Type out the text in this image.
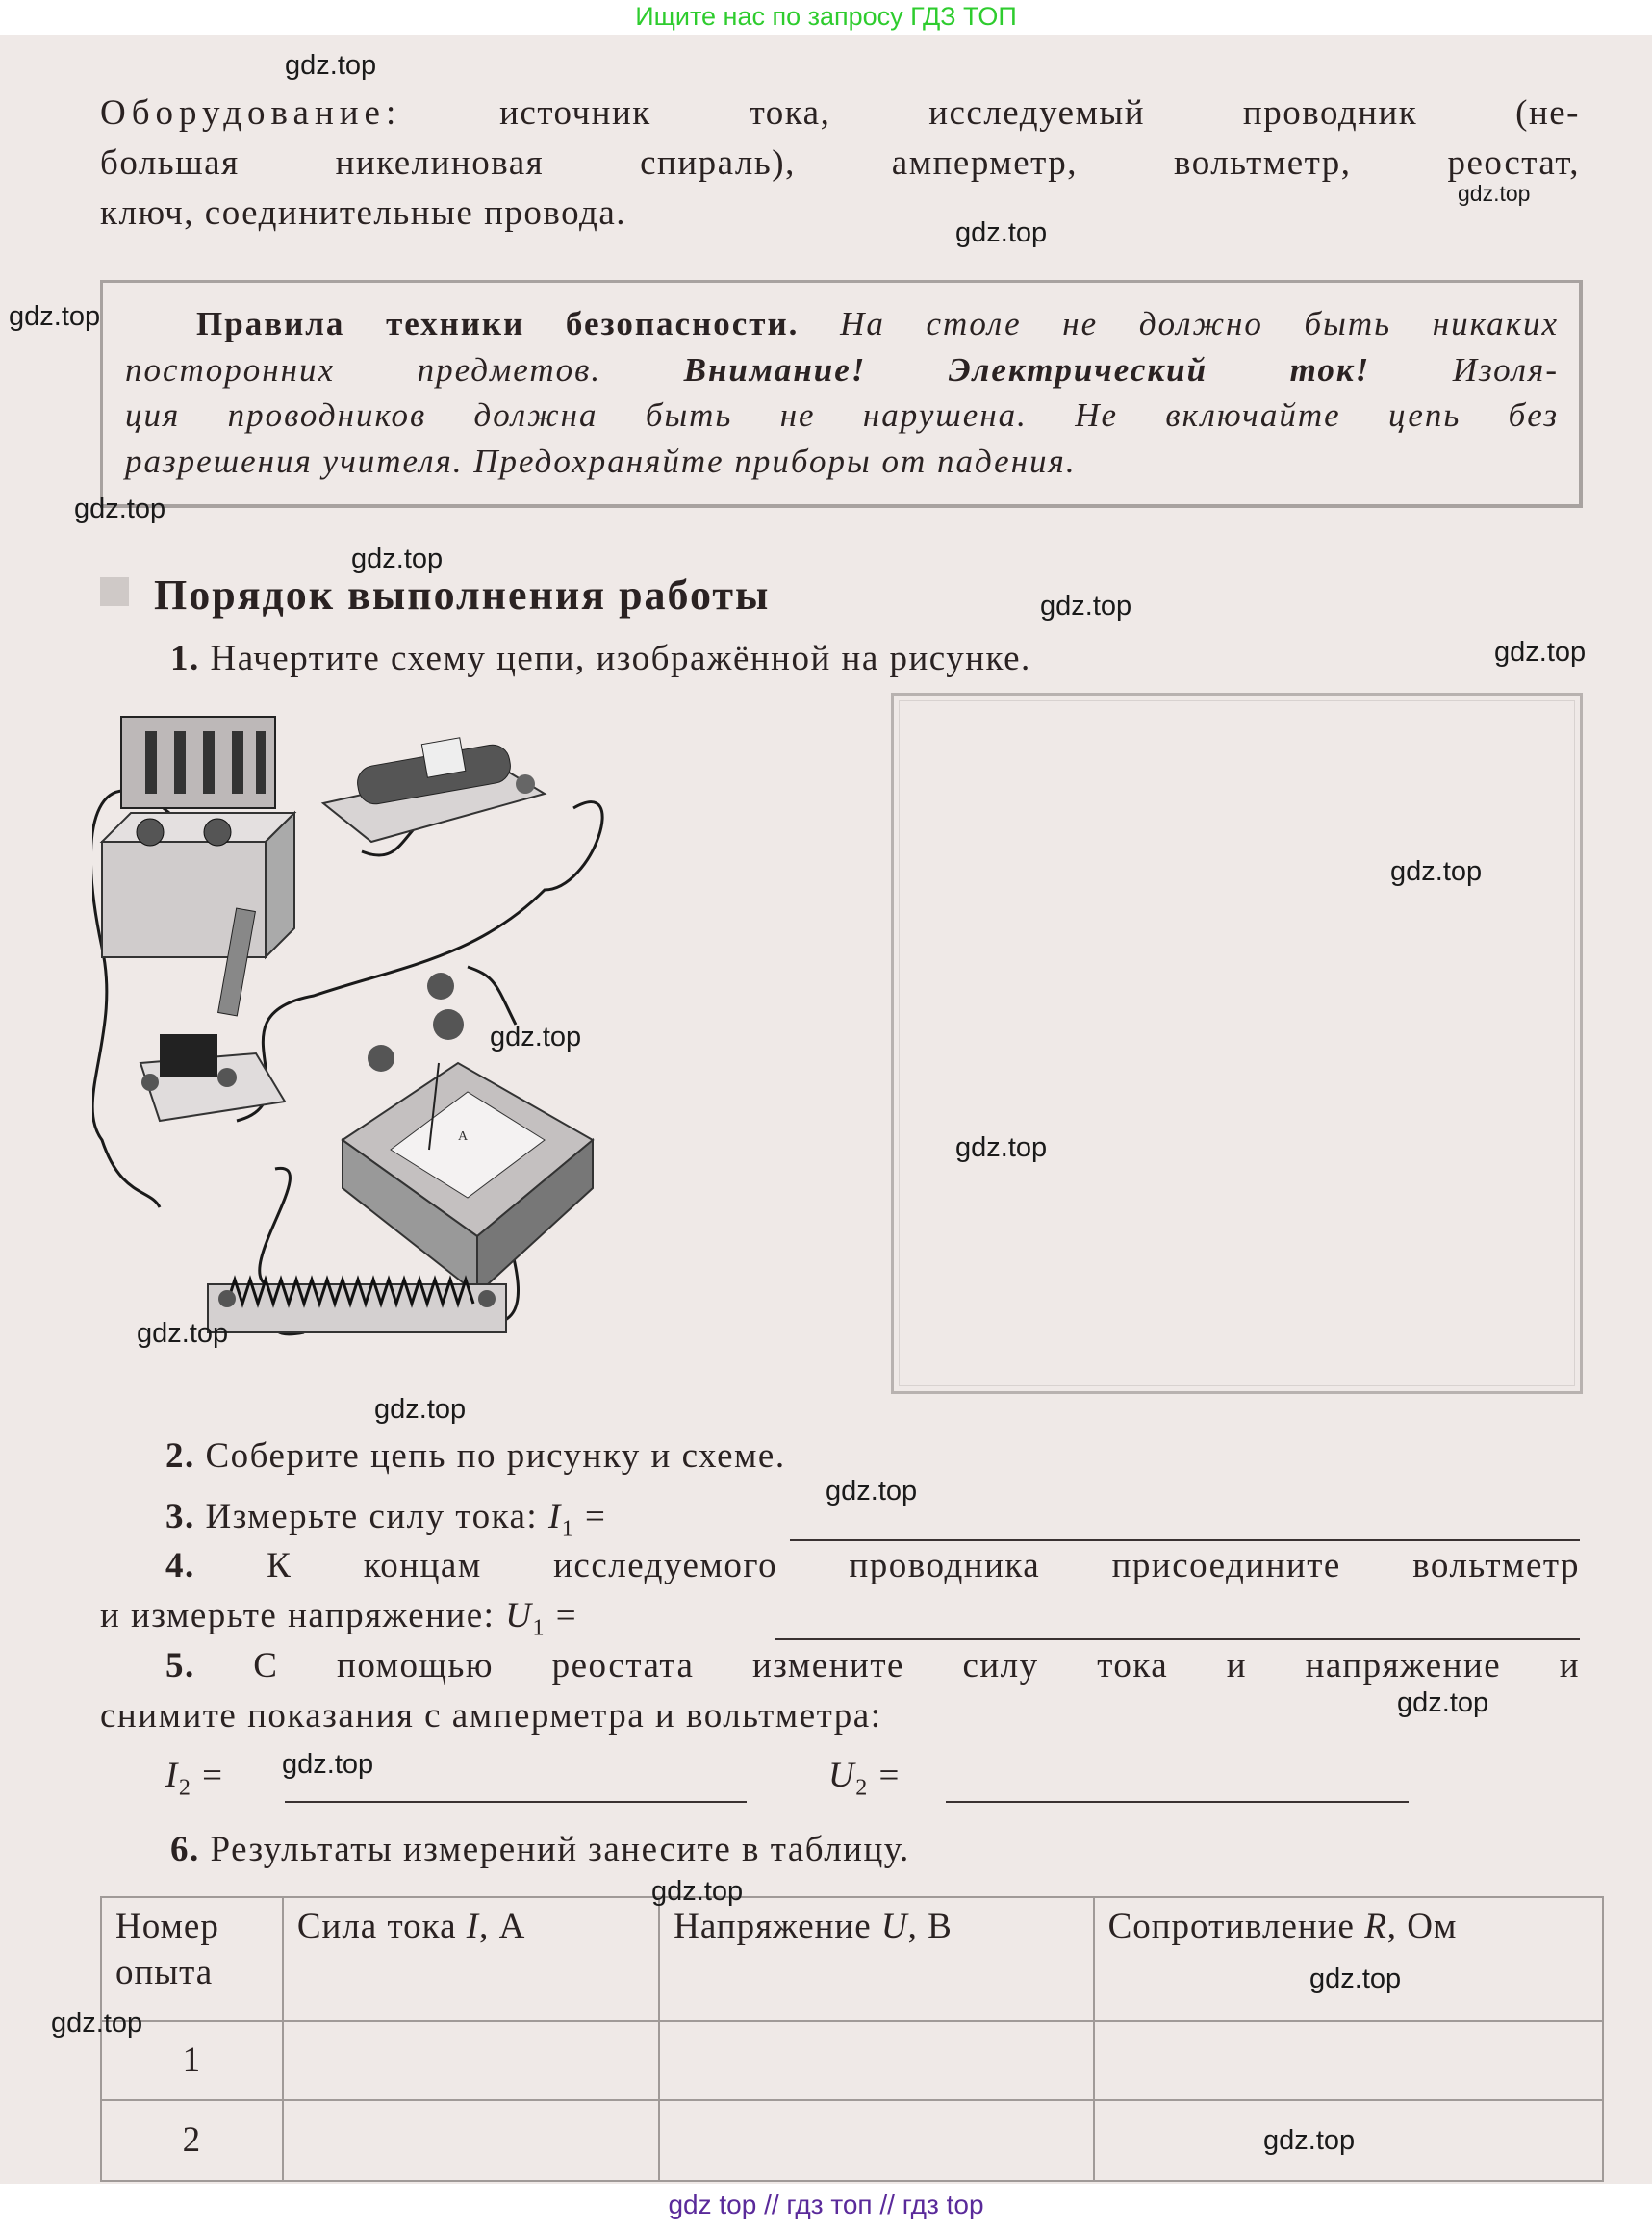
Ищите нас по запросу ГДЗ ТОП
Оборудование:	источник тока, исследуемый проводник (не-
большая никелиновая спираль), амперметр, вольтметр, реостат,
ключ, соединительные провода.
Правила техники безопасности. На столе не должно быть никаких
посторонних предметов. Внимание! Электрический ток! Изоля-
ция проводников должна быть не нарушена. Не включайте цепь без
разрешения учителя. Предохраняйте приборы от падения.
Порядок выполнения работы
1. Начертите схему цепи, изображённой на рисунке.
A
2. Соберите цепь по рисунку и схеме.
3. Измерьте силу тока: $I_1$ =
4. К концам исследуемого проводника присоедините вольтметр
и измерьте напряжение: $U_1$ =
5. С помощью реостата измените силу тока и напряжение и
снимите показания с амперметра и вольтметра:
$I_2$ =	$U_2$ =
6. Результаты измерений занесите в таблицу.
Номер
опыта	Сила тока I, А	Напряжение U, В	Сопротивление R, Ом
1			
2			
gdz.top
gdz.top
gdz.top
gdz.top
gdz.top
gdz.top
gdz.top
gdz.top
gdz.top
gdz.top
gdz.top
gdz.top
gdz.top
gdz.top
gdz.top
gdz.top
gdz.top
gdz.top
gdz.top
gdz.top
gdz top // гдз топ // гдз top
